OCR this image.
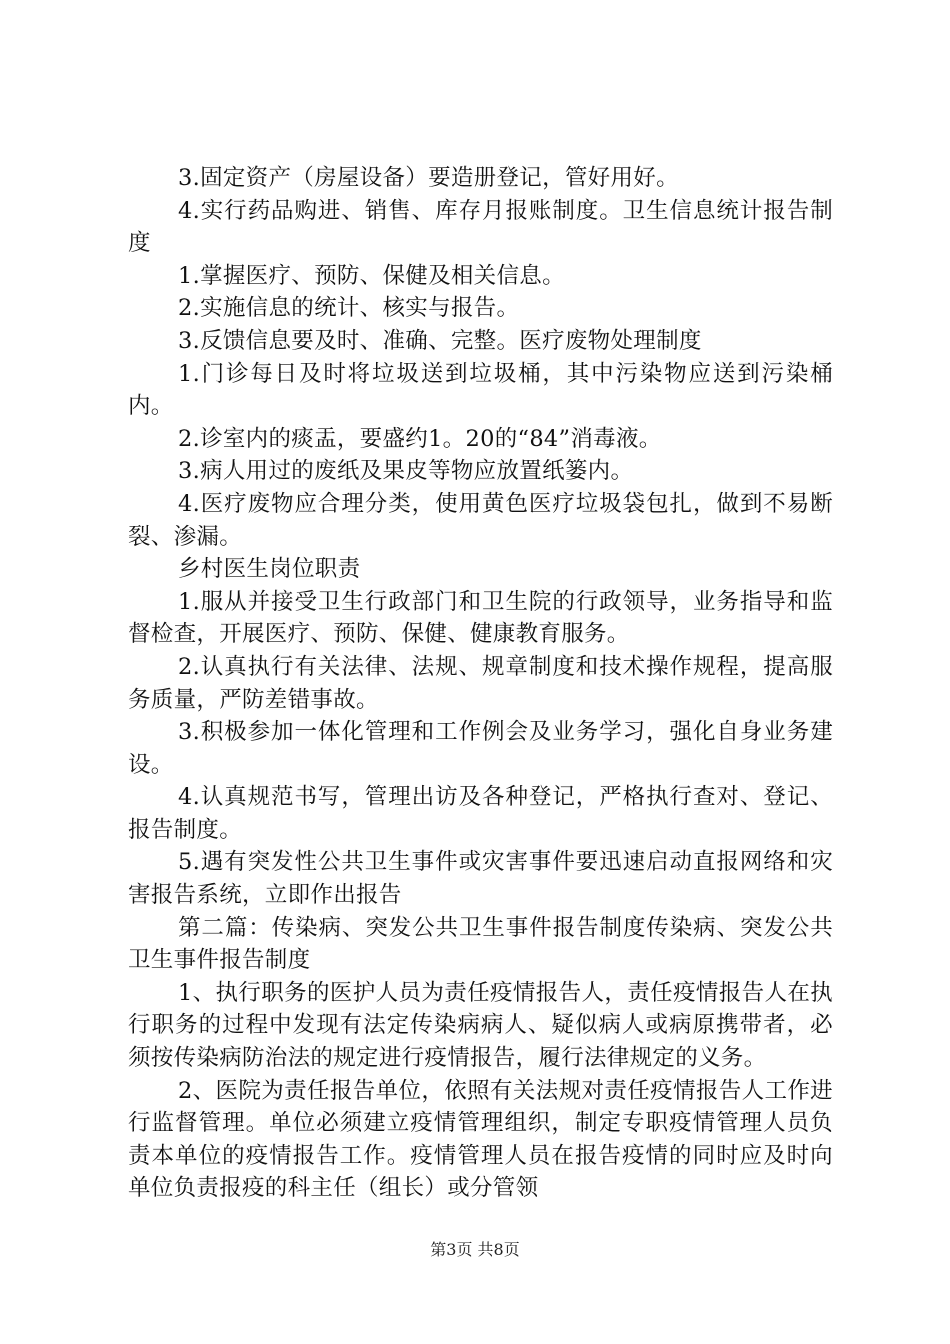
3.固定资产（房屋设备）要造册登记，管好用好。

4.实行药品购进、销售、库存月报账制度。卫生信息统计报告制度

1.掌握医疗、预防、保健及相关信息。

2.实施信息的统计、核实与报告。

3.反馈信息要及时、准确、完整。医疗废物处理制度

1.门诊每日及时将垃圾送到垃圾桶，其中污染物应送到污染桶内。

2.诊室内的痰盂，要盛约1。20的“84”消毒液。

3.病人用过的废纸及果皮等物应放置纸篓内。

4.医疗废物应合理分类，使用黄色医疗垃圾袋包扎，做到不易断裂、渗漏。

乡村医生岗位职责

1.服从并接受卫生行政部门和卫生院的行政领导，业务指导和监督检查，开展医疗、预防、保健、健康教育服务。

2.认真执行有关法律、法规、规章制度和技术操作规程，提高服务质量，严防差错事故。

3.积极参加一体化管理和工作例会及业务学习，强化自身业务建设。

4.认真规范书写，管理出访及各种登记，严格执行查对、登记、报告制度。

5.遇有突发性公共卫生事件或灾害事件要迅速启动直报网络和灾害报告系统，立即作出报告

第二篇：传染病、突发公共卫生事件报告制度传染病、突发公共卫生事件报告制度

1、执行职务的医护人员为责任疫情报告人，责任疫情报告人在执行职务的过程中发现有法定传染病病人、疑似病人或病原携带者，必须按传染病防治法的规定进行疫情报告，履行法律规定的义务。

2、医院为责任报告单位，依照有关法规对责任疫情报告人工作进行监督管理。单位必须建立疫情管理组织，制定专职疫情管理人员负责本单位的疫情报告工作。疫情管理人员在报告疫情的同时应及时向单位负责报疫的科主任（组长）或分管领

第3页 共8页
